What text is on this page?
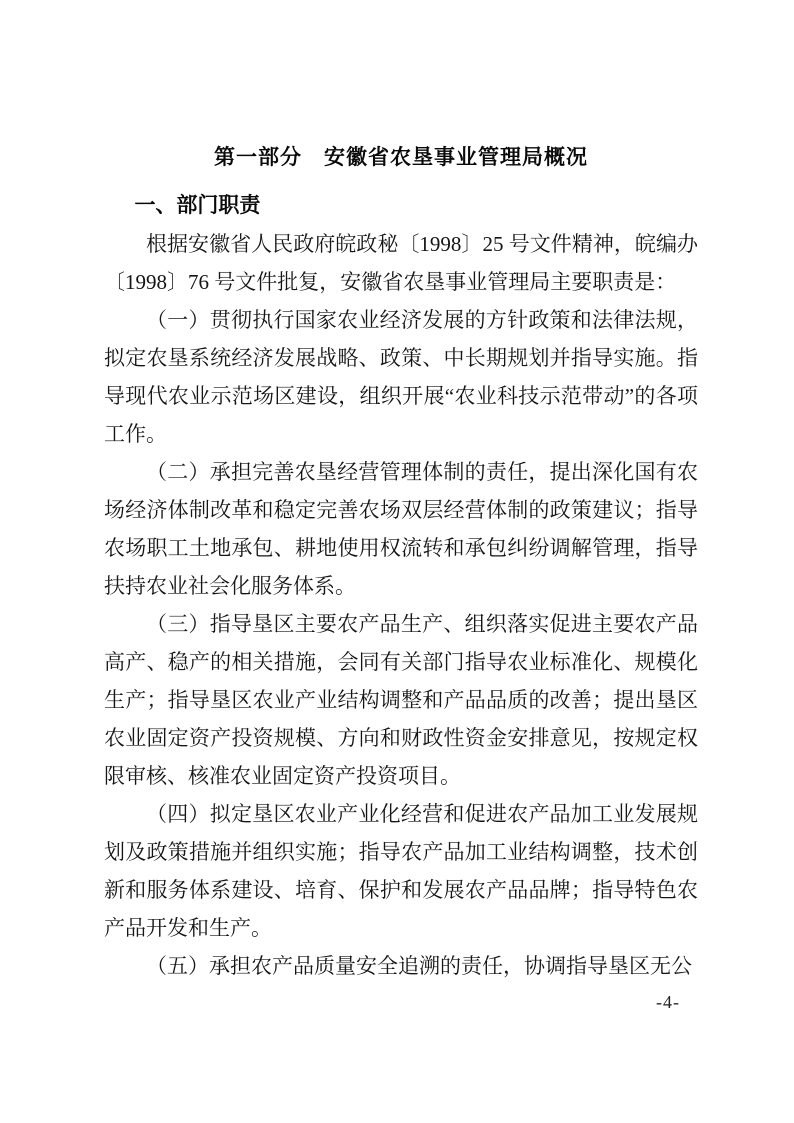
第一部分　安徽省农垦事业管理局概况
一、部门职责

根据安徽省人民政府皖政秘〔1998〕25 号文件精神，皖编办〔1998〕76 号文件批复，安徽省农垦事业管理局主要职责是：

（一）贯彻执行国家农业经济发展的方针政策和法律法规，拟定农垦系统经济发展战略、政策、中长期规划并指导实施。指导现代农业示范场区建设，组织开展“农业科技示范带动”的各项工作。

（二）承担完善农垦经营管理体制的责任，提出深化国有农场经济体制改革和稳定完善农场双层经营体制的政策建议；指导农场职工土地承包、耕地使用权流转和承包纠纷调解管理，指导扶持农业社会化服务体系。

（三）指导垦区主要农产品生产、组织落实促进主要农产品高产、稳产的相关措施，会同有关部门指导农业标准化、规模化生产；指导垦区农业产业结构调整和产品品质的改善；提出垦区农业固定资产投资规模、方向和财政性资金安排意见，按规定权限审核、核准农业固定资产投资项目。

（四）拟定垦区农业产业化经营和促进农产品加工业发展规划及政策措施并组织实施；指导农产品加工业结构调整，技术创新和服务体系建设、培育、保护和发展农产品品牌；指导特色农产品开发和生产。

（五）承担农产品质量安全追溯的责任，协调指导垦区无公

-4-
